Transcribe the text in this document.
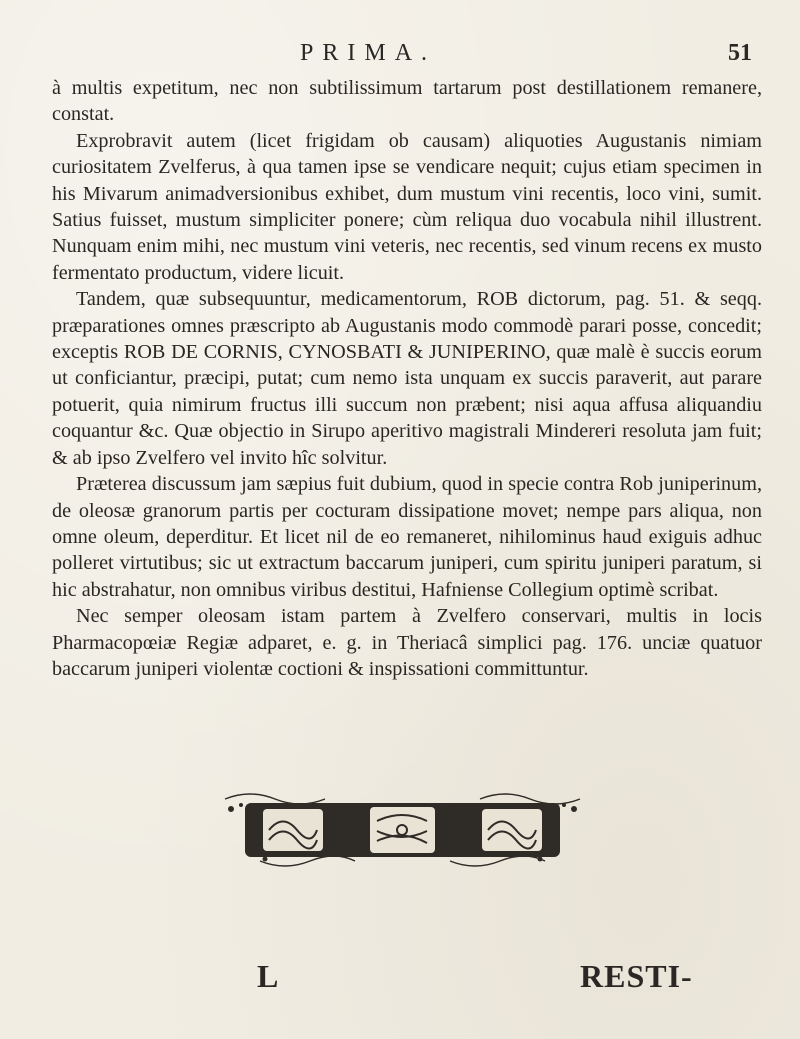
PRIMA.	51

à multis expetitum, nec non subtilissimum tartarum post destillationem remanere, constat.

Exprobravit autem (licet frigidam ob causam) aliquoties Augustanis nimiam curiositatem Zvelferus, à qua tamen ipse se vendicare nequit; cujus etiam specimen in his Mivarum animadversionibus exhibet, dum mustum vini recentis, loco vini, sumit. Satius fuisset, mustum simpliciter ponere; cùm reliqua duo vocabula nihil illustrent. Nunquam enim mihi, nec mustum vini veteris, nec recentis, sed vinum recens ex musto fermentato productum, videre licuit.

Tandem, quæ subsequuntur, medicamentorum, ROB dictorum, pag. 51. & seqq. præparationes omnes præscripto ab Augustanis modo commodè parari posse, concedit; exceptis ROB DE CORNIS, CYNOSBATI & JUNIPERINO, quæ malè è succis eorum ut conficiantur, præcipi, putat; cum nemo ista unquam ex succis paraverit, aut parare potuerit, quia nimirum fructus illi succum non præbent; nisi aqua affusa aliquandiu coquantur &c. Quæ objectio in Sirupo aperitivo magistrali Mindereri resoluta jam fuit; & ab ipso Zvelfero vel invito hîc solvitur.

Præterea discussum jam sæpius fuit dubium, quod in specie contra Rob juniperinum, de oleosæ granorum partis per cocturam dissipatione movet; nempe pars aliqua, non omne oleum, deperditur. Et licet nil de eo remaneret, nihilominus haud exiguis adhuc polleret virtutibus; sic ut extractum baccarum juniperi, cum spiritu juniperi paratum, si hic abstrahatur, non omnibus viribus destitui, Hafniense Collegium optimè scribat.

Nec semper oleosam istam partem à Zvelfero conservari, multis in locis Pharmacopœiæ Regiæ adparet, e. g. in Theriacâ simplici pag. 176. unciæ quatuor baccarum juniperi violentæ coctioni & inspissationi committuntur.

L	RESTI-
